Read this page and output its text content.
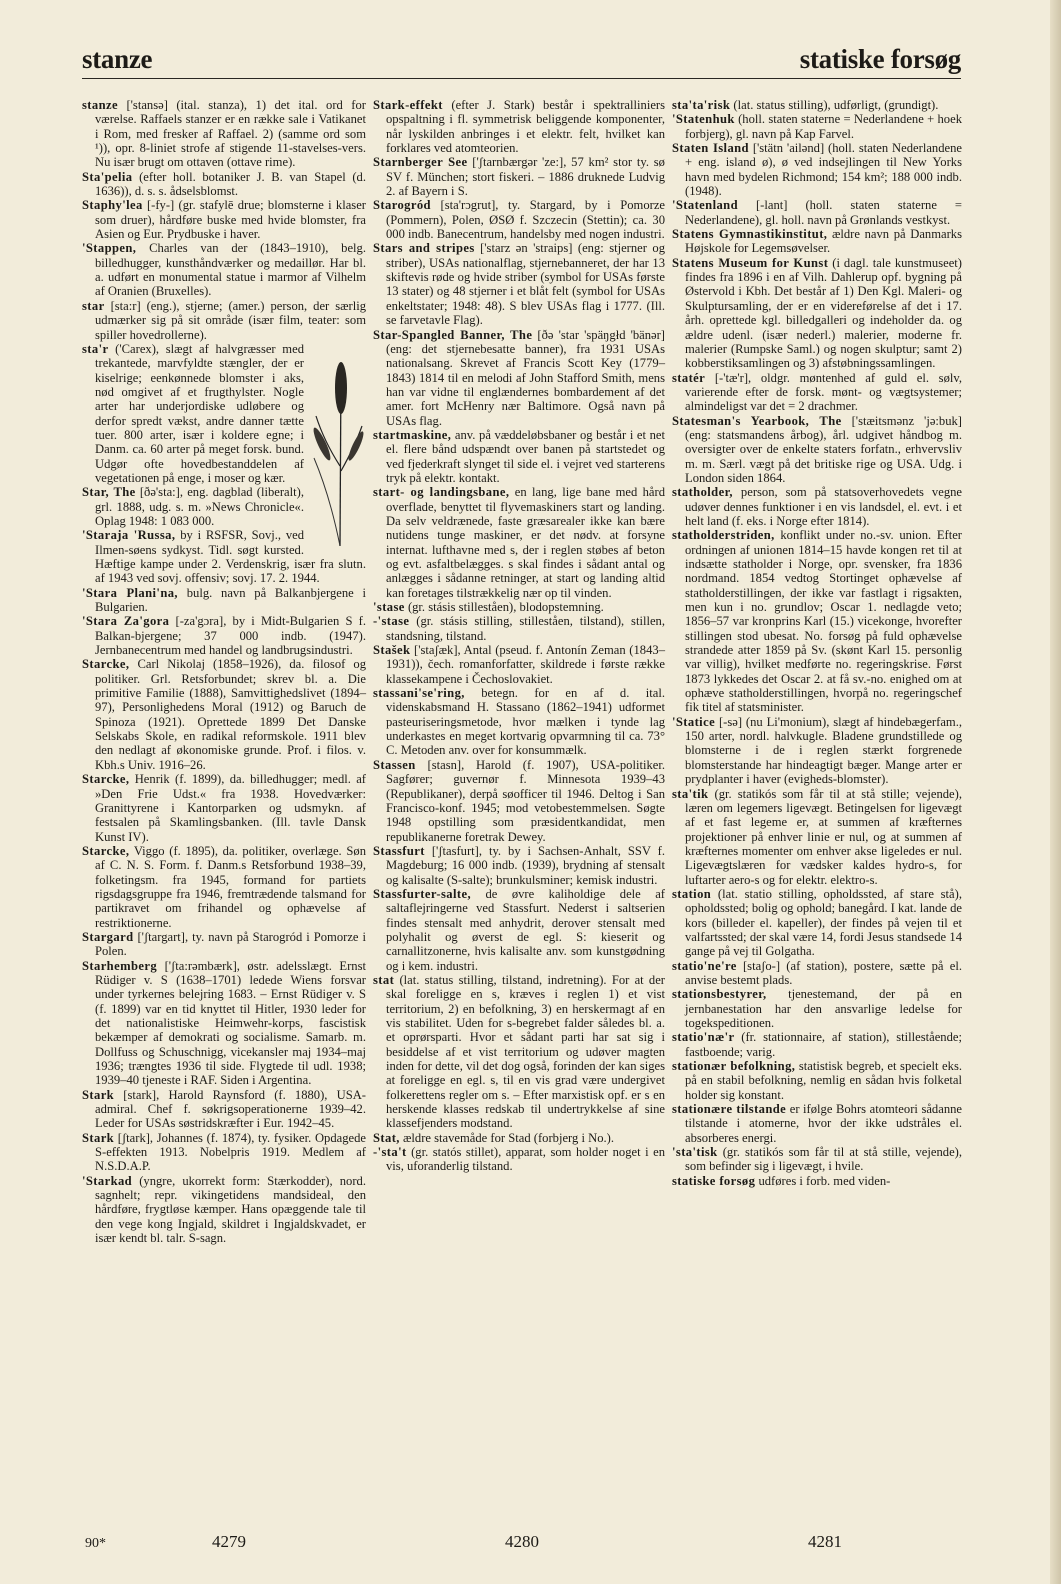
stanze	statiske forsøg

stanze ['stansə] (ital. stanza), 1) det ital. ord for værelse. Raffaels stanzer er en række sale i Vatikanet i Rom, med fresker af Raffael. 2) (samme ord som ¹)), opr. 8-liniet strofe af stigende 11-stavelses-vers. Nu især brugt om ottaven (ottave rime).

Sta'pelia (efter holl. botaniker J. B. van Stapel (d. 1636)), d. s. s. ådselsblomst.

Staphy'lea [-fy-] (gr. stafylē drue; blomsterne i klaser som druer), hårdføre buske med hvide blomster, fra Asien og Eur. Prydbuske i haver.

'Stappen, Charles van der (1843–1910), belg. billedhugger, kunsthåndværker og medaillør. Har bl. a. udført en monumental statue i marmor af Vilhelm af Oranien (Bruxelles).

star [sta:r] (eng.), stjerne; (amer.) person, der særlig udmærker sig på sit område (især film, teater: som spiller hovedrollerne).

sta'r ('Carex), slægt af halvgræsser med trekantede, marvfyldte stængler, der er kiselrige; eenkønnede blomster i aks, nød omgivet af et frugthylster. Nogle arter har underjordiske udløbere og derfor spredt vækst, andre danner tætte tuer. 800 arter, især i koldere egne; i Danm. ca. 60 arter på meget forsk. bund. Udgør ofte hovedbestanddelen af vegetationen på enge, i moser og kær.

Star, The [ðə'sta:], eng. dagblad (liberalt), grl. 1888, udg. s. m. »News Chronicle«. Oplag 1948: 1 083 000.

'Staraja 'Russa, by i RSFSR, Sovj., ved Ilmen-søens sydkyst. Tidl. søgt kursted. Hæftige kampe under 2. Verdenskrig, især fra slutn. af 1943 ved sovj. offensiv; sovj. 17. 2. 1944.

'Stara Plani'na, bulg. navn på Balkanbjergene i Bulgarien.

'Stara Za'gora [-za'gɔra], by i Midt-Bulgarien S f. Balkan-bjergene; 37 000 indb. (1947). Jernbanecentrum med handel og landbrugsindustri.

Starcke, Carl Nikolaj (1858–1926), da. filosof og politiker. Grl. Retsforbundet; skrev bl. a. Die primitive Familie (1888), Samvittighedslivet (1894–97), Personlighedens Moral (1912) og Baruch de Spinoza (1921). Oprettede 1899 Det Danske Selskabs Skole, en radikal reformskole. 1911 blev den nedlagt af økonomiske grunde. Prof. i filos. v. Kbh.s Univ. 1916–26.

Starcke, Henrik (f. 1899), da. billedhugger; medl. af »Den Frie Udst.« fra 1938. Hovedværker: Granittyrene i Kantorparken og udsmykn. af festsalen på Skamlingsbanken. (Ill. tavle Dansk Kunst IV).

Starcke, Viggo (f. 1895), da. politiker, overlæge. Søn af C. N. S. Form. f. Danm.s Retsforbund 1938–39, folketingsm. fra 1945, formand for partiets rigsdagsgruppe fra 1946, fremtrædende talsmand for partikravet om frihandel og ophævelse af restriktionerne.

Stargard ['ʃtargart], ty. navn på Starogród i Pomorze i Polen.

Starhemberg ['ʃta:rəmbærk], østr. adelsslægt. Ernst Rüdiger v. S (1638–1701) ledede Wiens forsvar under tyrkernes belejring 1683. – Ernst Rüdiger v. S (f. 1899) var en tid knyttet til Hitler, 1930 leder for det nationalistiske Heimwehr-korps, fascistisk bekæmper af demokrati og socialisme. Samarb. m. Dollfuss og Schuschnigg, vicekansler maj 1934–maj 1936; trængtes 1936 til side. Flygtede til udl. 1938; 1939–40 tjeneste i RAF. Siden i Argentina.

Stark [stark], Harold Raynsford (f. 1880), USA-admiral. Chef f. søkrigsoperationerne 1939–42. Leder for USAs søstridskræfter i Eur. 1942–45.

Stark [ʃtark], Johannes (f. 1874), ty. fysiker. Opdagede S-effekten 1913. Nobelpris 1919. Medlem af N.S.D.A.P.

'Starkad (yngre, ukorrekt form: Stærkodder), nord. sagnhelt; repr. vikingetidens mandsideal, den hårdføre, frygtløse kæmper. Hans opæggende tale til den vege kong Ingjald, skildret i Ingjaldskvadet, er især kendt bl. talr. S-sagn.

Stark-effekt (efter J. Stark) består i spektralliniers opspaltning i fl. symmetrisk beliggende komponenter, når lyskilden anbringes i et elektr. felt, hvilket kan forklares ved atomteorien.

Starnberger See ['ʃtarnbærgər 'ze:], 57 km² stor ty. sø SV f. München; stort fiskeri. – 1886 druknede Ludvig 2. af Bayern i S.

Starogród [sta'rɔgrut], ty. Stargard, by i Pomorze (Pommern), Polen, ØSØ f. Szczecin (Stettin); ca. 30 000 indb. Banecentrum, handelsby med nogen industri.

Stars and stripes ['starz ən 'straips] (eng: stjerner og striber), USAs nationalflag, stjernebanneret, der har 13 skiftevis røde og hvide striber (symbol for USAs første 13 stater) og 48 stjerner i et blåt felt (symbol for USAs enkeltstater; 1948: 48). S blev USAs flag i 1777. (Ill. se farvetavle Flag).

Star-Spangled Banner, The [ðə 'star 'späŋgłd 'bänər] (eng: det stjernebesatte banner), fra 1931 USAs nationalsang. Skrevet af Francis Scott Key (1779–1843) 1814 til en melodi af John Stafford Smith, mens han var vidne til englændernes bombardement af det amer. fort McHenry nær Baltimore. Også navn på USAs flag.

startmaskine, anv. på væddeløbsbaner og består i et net el. flere bånd udspændt over banen på startstedet og ved fjederkraft slynget til side el. i vejret ved starterens tryk på elektr. kontakt.

start- og landingsbane, en lang, lige bane med hård overflade, benyttet til flyvemaskiners start og landing. Da selv veldrænede, faste græsarealer ikke kan bære nutidens tunge maskiner, er det nødv. at forsyne internat. lufthavne med s, der i reglen støbes af beton og evt. asfaltbelægges. s skal findes i sådant antal og anlægges i sådanne retninger, at start og landing altid kan foretages tilstrækkelig nær op til vinden.

'stase (gr. stásis stilleståen), blodopstemning.

-'stase (gr. stásis stilling, stilleståen, tilstand), stillen, standsning, tilstand.

Stašek ['staʃæk], Antal (pseud. f. Antonín Zeman (1843–1931)), čech. romanforfatter, skildrede i første række klassekampene i Čechoslovakiet.

stassani'se'ring, betegn. for en af d. ital. videnskabsmand H. Stassano (1862–1941) udformet pasteuriseringsmetode, hvor mælken i tynde lag underkastes en meget kortvarig opvarmning til ca. 73° C. Metoden anv. over for konsummælk.

Stassen [stasn], Harold (f. 1907), USA-politiker. Sagfører; guvernør f. Minnesota 1939–43 (Republikaner), derpå søofficer til 1946. Deltog i San Francisco-konf. 1945; mod vetobestemmelsen. Søgte 1948 opstilling som præsidentkandidat, men republikanerne foretrak Dewey.

Stassfurt ['ʃtasfurt], ty. by i Sachsen-Anhalt, SSV f. Magdeburg; 16 000 indb. (1939), brydning af stensalt og kalisalte (S-salte); brunkulsminer; kemisk industri.

Stassfurter-salte, de øvre kaliholdige dele af saltaflejringerne ved Stassfurt. Nederst i saltserien findes stensalt med anhydrit, derover stensalt med polyhalit og øverst de egl. S: kieserit og carnallitzonerne, hvis kalisalte anv. som kunstgødning og i kem. industri.

stat (lat. status stilling, tilstand, indretning). For at der skal foreligge en s, kræves i reglen 1) et vist territorium, 2) en befolkning, 3) en herskermagt af en vis stabilitet. Uden for s-begrebet falder således bl. a. et oprørsparti. Hvor et sådant parti har sat sig i besiddelse af et vist territorium og udøver magten inden for dette, vil det dog også, forinden der kan siges at foreligge en egl. s, til en vis grad være undergivet folkerettens regler om s. – Efter marxistisk opf. er s en herskende klasses redskab til undertrykkelse af sine klassefjenders modstand.

Stat, ældre stavemåde for Stad (forbjerg i No.).

-'sta't (gr. statós stillet), apparat, som holder noget i en vis, uforanderlig tilstand.

sta'ta'risk (lat. status stilling), udførligt, (grundigt).

'Statenhuk (holl. staten staterne = Nederlandene + hoek forbjerg), gl. navn på Kap Farvel.

Staten Island ['stätn 'ailənd] (holl. staten Nederlandene + eng. island ø), ø ved indsejlingen til New Yorks havn med bydelen Richmond; 154 km²; 188 000 indb. (1948).

'Statenland [-lant] (holl. staten staterne = Nederlandene), gl. holl. navn på Grønlands vestkyst.

Statens Gymnastikinstitut, ældre navn på Danmarks Højskole for Legemsøvelser.

Statens Museum for Kunst (i dagl. tale kunstmuseet) findes fra 1896 i en af Vilh. Dahlerup opf. bygning på Østervold i Kbh. Det består af 1) Den Kgl. Maleri- og Skulptursamling, der er en videreførelse af det i 17. årh. oprettede kgl. billedgalleri og indeholder da. og ældre udenl. (især nederl.) malerier, moderne fr. malerier (Rumpske Saml.) og nogen skulptur; samt 2) kobberstiksamlingen og 3) afstøbningssamlingen.

statér [-'tæ'r], oldgr. møntenhed af guld el. sølv, varierende efter de forsk. mønt- og vægtsystemer; almindeligst var det = 2 drachmer.

Statesman's Yearbook, The ['stæitsmənz 'jə:buk] (eng: statsmandens årbog), årl. udgivet håndbog m. oversigter over de enkelte staters forfatn., erhvervsliv m. m. Særl. vægt på det britiske rige og USA. Udg. i London siden 1864.

statholder, person, som på statsoverhovedets vegne udøver dennes funktioner i en vis landsdel, el. evt. i et helt land (f. eks. i Norge efter 1814).

statholderstriden, konflikt under no.-sv. union. Efter ordningen af unionen 1814–15 havde kongen ret til at indsætte statholder i Norge, opr. svensker, fra 1836 nordmand. 1854 vedtog Stortinget ophævelse af statholderstillingen, der ikke var fastlagt i rigsakten, men kun i no. grundlov; Oscar 1. nedlagde veto; 1856–57 var kronprins Karl (15.) vicekonge, hvorefter stillingen stod ubesat. No. forsøg på fuld ophævelse strandede atter 1859 på Sv. (skønt Karl 15. personlig var villig), hvilket medførte no. regeringskrise. Først 1873 lykkedes det Oscar 2. at få sv.-no. enighed om at ophæve statholderstillingen, hvorpå no. regeringschef fik titel af statsminister.

'Statice [-sə] (nu Li'monium), slægt af hindebægerfam., 150 arter, nordl. halvkugle. Bladene grundstillede og blomsterne i de i reglen stærkt forgrenede blomsterstande har hindeagtigt bæger. Mange arter er prydplanter i haver (evigheds-blomster).

sta'tik (gr. statikós som får til at stå stille; vejende), læren om legemers ligevægt. Betingelsen for ligevægt af et fast legeme er, at summen af kræfternes projektioner på enhver linie er nul, og at summen af kræfternes momenter om enhver akse ligeledes er nul. Ligevægtslæren for vædsker kaldes hydro-s, for luftarter aero-s og for elektr. elektro-s.

station (lat. statio stilling, opholdssted, af stare stå), opholdssted; bolig og ophold; banegård. I kat. lande de kors (billeder el. kapeller), der findes på vejen til et valfartssted; der skal være 14, fordi Jesus standsede 14 gange på vej til Golgatha.

statio'ne're [staʃo-] (af station), postere, sætte på el. anvise bestemt plads.

stationsbestyrer, tjenestemand, der på en jernbanestation har den ansvarlige ledelse for togekspeditionen.

statio'næ'r (fr. stationnaire, af station), stillestående; fastboende; varig.

stationær befolkning, statistisk begreb, et specielt eks. på en stabil befolkning, nemlig en sådan hvis folketal holder sig konstant.

stationære tilstande er ifølge Bohrs atomteori sådanne tilstande i atomerne, hvor der ikke udstråles el. absorberes energi.

'sta'tisk (gr. statikós som får til at stå stille, vejende), som befinder sig i ligevægt, i hvile.

statiske forsøg udføres i forb. med viden-

90*	4279	4280	4281
